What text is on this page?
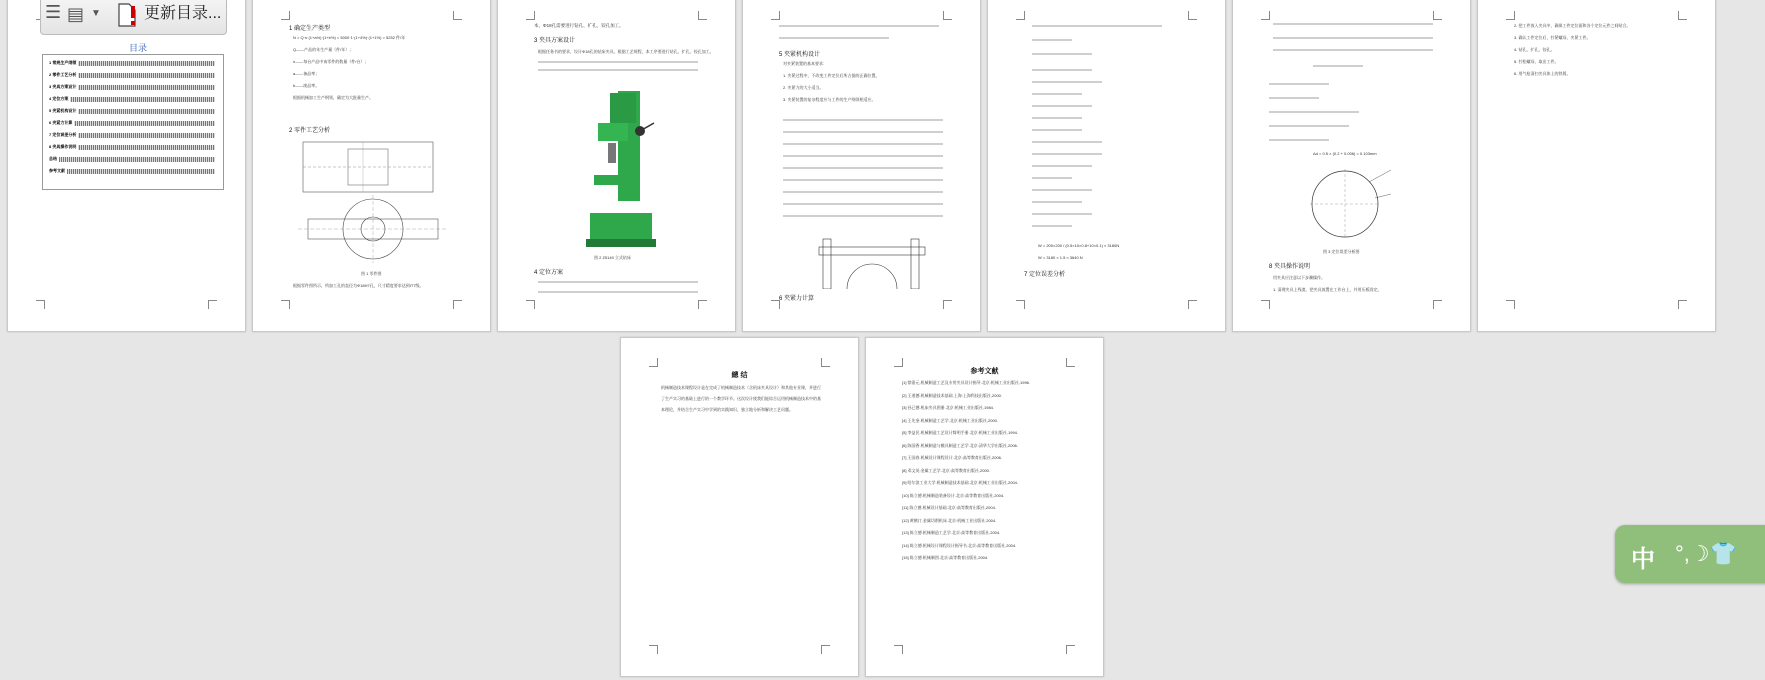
目录
1 常规生产纲领
2 零件工艺分析
3 夹具方案设计
4 定位方案
5 夹紧机构设计
6 夹紧力计算
7 定位误差分析
8 夹具操作说明
总结
参考文献
1 确定生产类型
N = Q·n·(1+a%)·(1+b%) = 5000·1·(1+4%)·(1+1%) = 5252 件/年
Q——产品的年生产量（件/年）；
n——每台产品中该零件的数量（件/台）；
a——备品率；
b——废品率。
根据机械加工生产纲领，确定为大批量生产。
2 零件工艺分析
图 1 零件图
根据零件图所示，所加工孔的直径为Φ18H7孔，尺寸精度要求达到IT7级。
本，Φ18孔需要进行钻孔、扩孔、铰孔加工。
3 夹具方案设计
根据任务书的要求，设计Φ18孔的钻床夹具，根据工艺规程，本工序要进行钻孔、扩孔、铰孔加工。
图 2 Z5140 立式钻床
4 定位方案
5 夹紧机构设计
对夹紧装置的基本要求：
1. 夹紧过程中，不改变工件定位后所占据的正确位置。
2. 夹紧力的大小适当。
3. 夹紧装置的复杂程度应与工件的生产纲领相适应。
6 夹紧力计算
W = 200×200 / (0.5×10×0.8+10×0.1) ≈ 3180N
W = 3180 × 1.5 ≈ 3640 N
7 定位误差分析
Δd = 0.5 × (0.2 + 0.006) = 0.103mm
图 3 定位误差分析图
8 夹具操作说明
用夹具应注意以下步骤操作。
1. 清理夹具上残渣，把夹具放置在工作台上，并用压板固定。
2. 把工件放入夹具中，确保工件定位面和各个定位元件之间贴合。
3. 确认工件定位后，拧紧螺母，夹紧工件。
4. 钻孔、扩孔、铰孔。
5. 拧松螺母，取出工件。
6. 用气枪清扫夹具体上的铁屑。
總 结
机械制造技术课程设计是在完成了机械制造技术（含机床夹具设计）和其他专业课，并进行了生产实习的基础上进行的一个教学环节。这次设计使我们能综合运用机械制造技术中的基本理论，并结合生产实习中学到的实践知识，独立地分析和解决工艺问题。
参考文献
[1] 徐嘉元.机械制造工艺及专用夹具设计指导.北京:机械工业出版社,1996.
[2] 王道德.机械制造技术基础.上海:上海科技出版社,2000.
[3] 孙已德.机床夹具图册.北京:机械工业出版社,1984.
[4] 王先奎.机械制造工艺学.北京:机械工业出版社,2000.
[5] 李益民.机械制造工艺设计简明手册.北京:机械工业出版社,1994.
[6] 陈国香.机械制造与模具制造工艺学.北京:清华大学出版社,2006.
[7] 王国春.机械设计课程设计.北京:高等教育出版社,2006.
[8] 邓文英.金属工艺学.北京:高等教育出版社,2000.
[9] 哈尔滨工业大学.机械制造技术基础.北京:机械工业出版社,2004.
[10] 陈立德.机械制造装备设计.北京:高等教育出版社,2004.
[11] 陈立德.机械设计基础.北京:高等教育出版社,2004.
[12] 黄鹤汀.金属切削机床.北京:机械工业出版社,2004.
[13] 陈立德.机械制造工艺学.北京:高等教育出版社,2004.
[14] 陈立德.机械设计课程设计指导书.北京:高等教育出版社,2004.
[15] 陈立德.机械制图.北京:高等教育出版社,2004.
☰ ▤ ▼	更新目录...
中 °,☽👕
